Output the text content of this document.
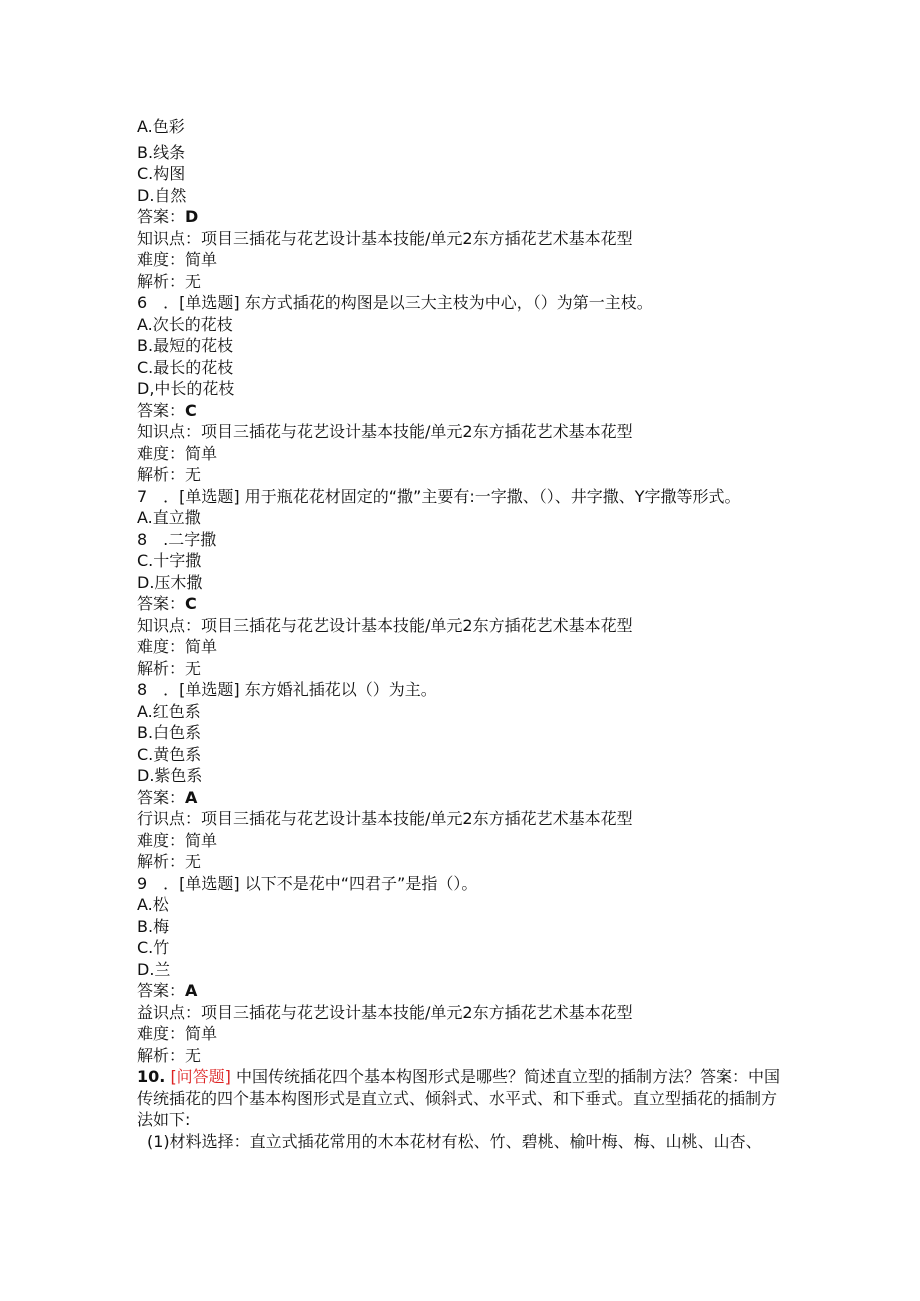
A.色彩
B.线条
C.构图
D.自然
答案：D
知识点：项目三插花与花艺设计基本技能/单元2东方插花艺术基本花型
难度：简单
解析：无
6　．[单选题] 东方式插花的构图是以三大主枝为中心，（）为第一主枝。
A.次长的花枝
B.最短的花枝
C.最长的花枝
D,中长的花枝
答案：C
知识点：项目三插花与花艺设计基本技能/单元2东方插花艺术基本花型
难度：简单
解析：无
7　．[单选题] 用于瓶花花材固定的“撒”主要有:一字撒、（）、井字撒、Y字撒等形式。
A.直立撒
8　.二字撒
C.十字撒
D.压木撒
答案：C
知识点：项目三插花与花艺设计基本技能/单元2东方插花艺术基本花型
难度：简单
解析：无
8　．[单选题] 东方婚礼插花以（）为主。
A.红色系
B.白色系
C.黄色系
D.紫色系
答案：A
行识点：项目三插花与花艺设计基本技能/单元2东方插花艺术基本花型
难度：简单
解析：无
9　．[单选题] 以下不是花中“四君子”是指（）。
A.松
B.梅
C.竹
D.兰
答案：A
益识点：项目三插花与花艺设计基本技能/单元2东方插花艺术基本花型
难度：简单
解析：无
10. [问答题] 中国传统插花四个基本构图形式是哪些？简述直立型的插制方法？答案：中国传统插花的四个基本构图形式是直立式、倾斜式、水平式、和下垂式。直立型插花的插制方法如下:
(1)材料选择：直立式插花常用的木本花材有松、竹、碧桃、榆叶梅、梅、山桃、山杏、
